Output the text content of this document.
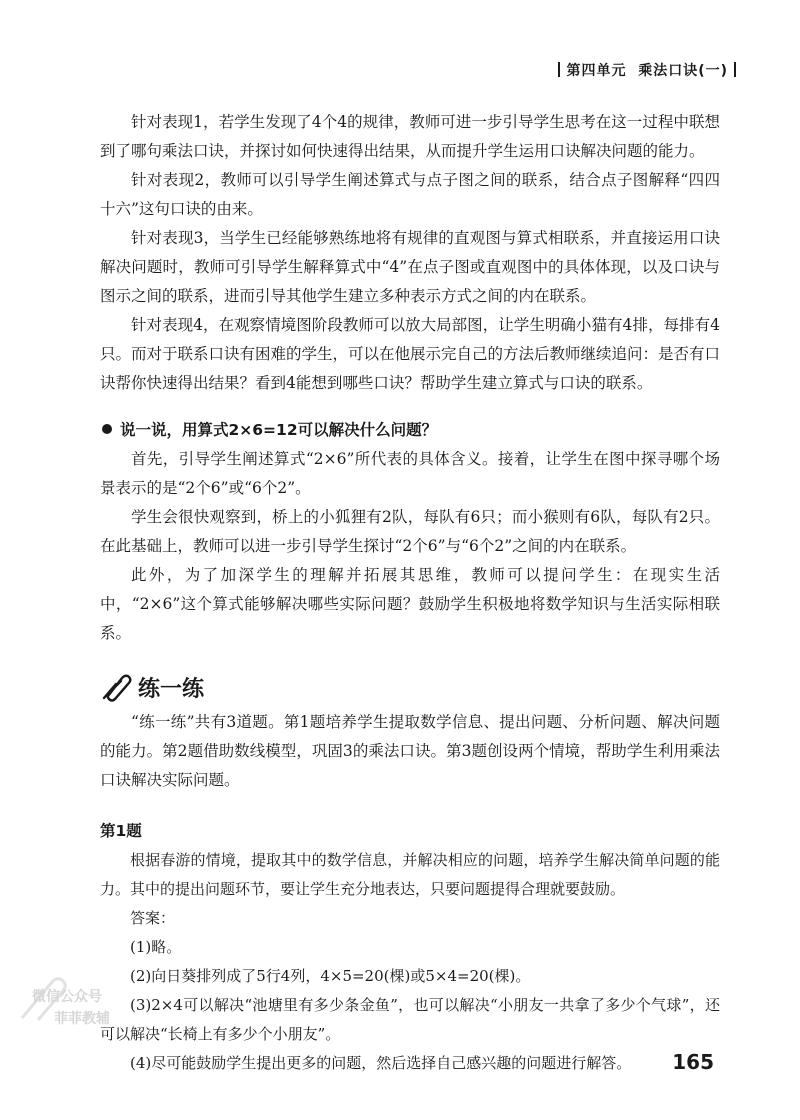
第四单元 乘法口诀(一)

针对表现1，若学生发现了4个4的规律，教师可进一步引导学生思考在这一过程中联想到了哪句乘法口诀，并探讨如何快速得出结果，从而提升学生运用口诀解决问题的能力。

针对表现2，教师可以引导学生阐述算式与点子图之间的联系，结合点子图解释“四四十六”这句口诀的由来。

针对表现3，当学生已经能够熟练地将有规律的直观图与算式相联系，并直接运用口诀解决问题时，教师可引导学生解释算式中“4”在点子图或直观图中的具体体现，以及口诀与图示之间的联系，进而引导其他学生建立多种表示方式之间的内在联系。

针对表现4，在观察情境图阶段教师可以放大局部图，让学生明确小猫有4排，每排有4只。而对于联系口诀有困难的学生，可以在他展示完自己的方法后教师继续追问：是否有口诀帮你快速得出结果？看到4能想到哪些口诀？帮助学生建立算式与口诀的联系。

说一说，用算式2×6=12可以解决什么问题？

首先，引导学生阐述算式“2×6”所代表的具体含义。接着，让学生在图中探寻哪个场景表示的是“2个6”或“6个2”。

学生会很快观察到，桥上的小狐狸有2队，每队有6只；而小猴则有6队，每队有2只。在此基础上，教师可以进一步引导学生探讨“2个6”与“6个2”之间的内在联系。

此外，为了加深学生的理解并拓展其思维，教师可以提问学生：在现实生活中，“2×6”这个算式能够解决哪些实际问题？鼓励学生积极地将数学知识与生活实际相联系。

练一练

“练一练”共有3道题。第1题培养学生提取数学信息、提出问题、分析问题、解决问题的能力。第2题借助数线模型，巩固3的乘法口诀。第3题创设两个情境，帮助学生利用乘法口诀解决实际问题。

第1题

根据春游的情境，提取其中的数学信息，并解决相应的问题，培养学生解决简单问题的能力。其中的提出问题环节，要让学生充分地表达，只要问题提得合理就要鼓励。

答案：

(1)略。

(2)向日葵排列成了5行4列，4×5=20(棵)或5×4=20(棵)。

(3)2×4可以解决“池塘里有多少条金鱼”，也可以解决“小朋友一共拿了多少个气球”，还可以解决“长椅上有多少个小朋友”。

(4)尽可能鼓励学生提出更多的问题，然后选择自己感兴趣的问题进行解答。

微信公众号
菲菲教辅
165
